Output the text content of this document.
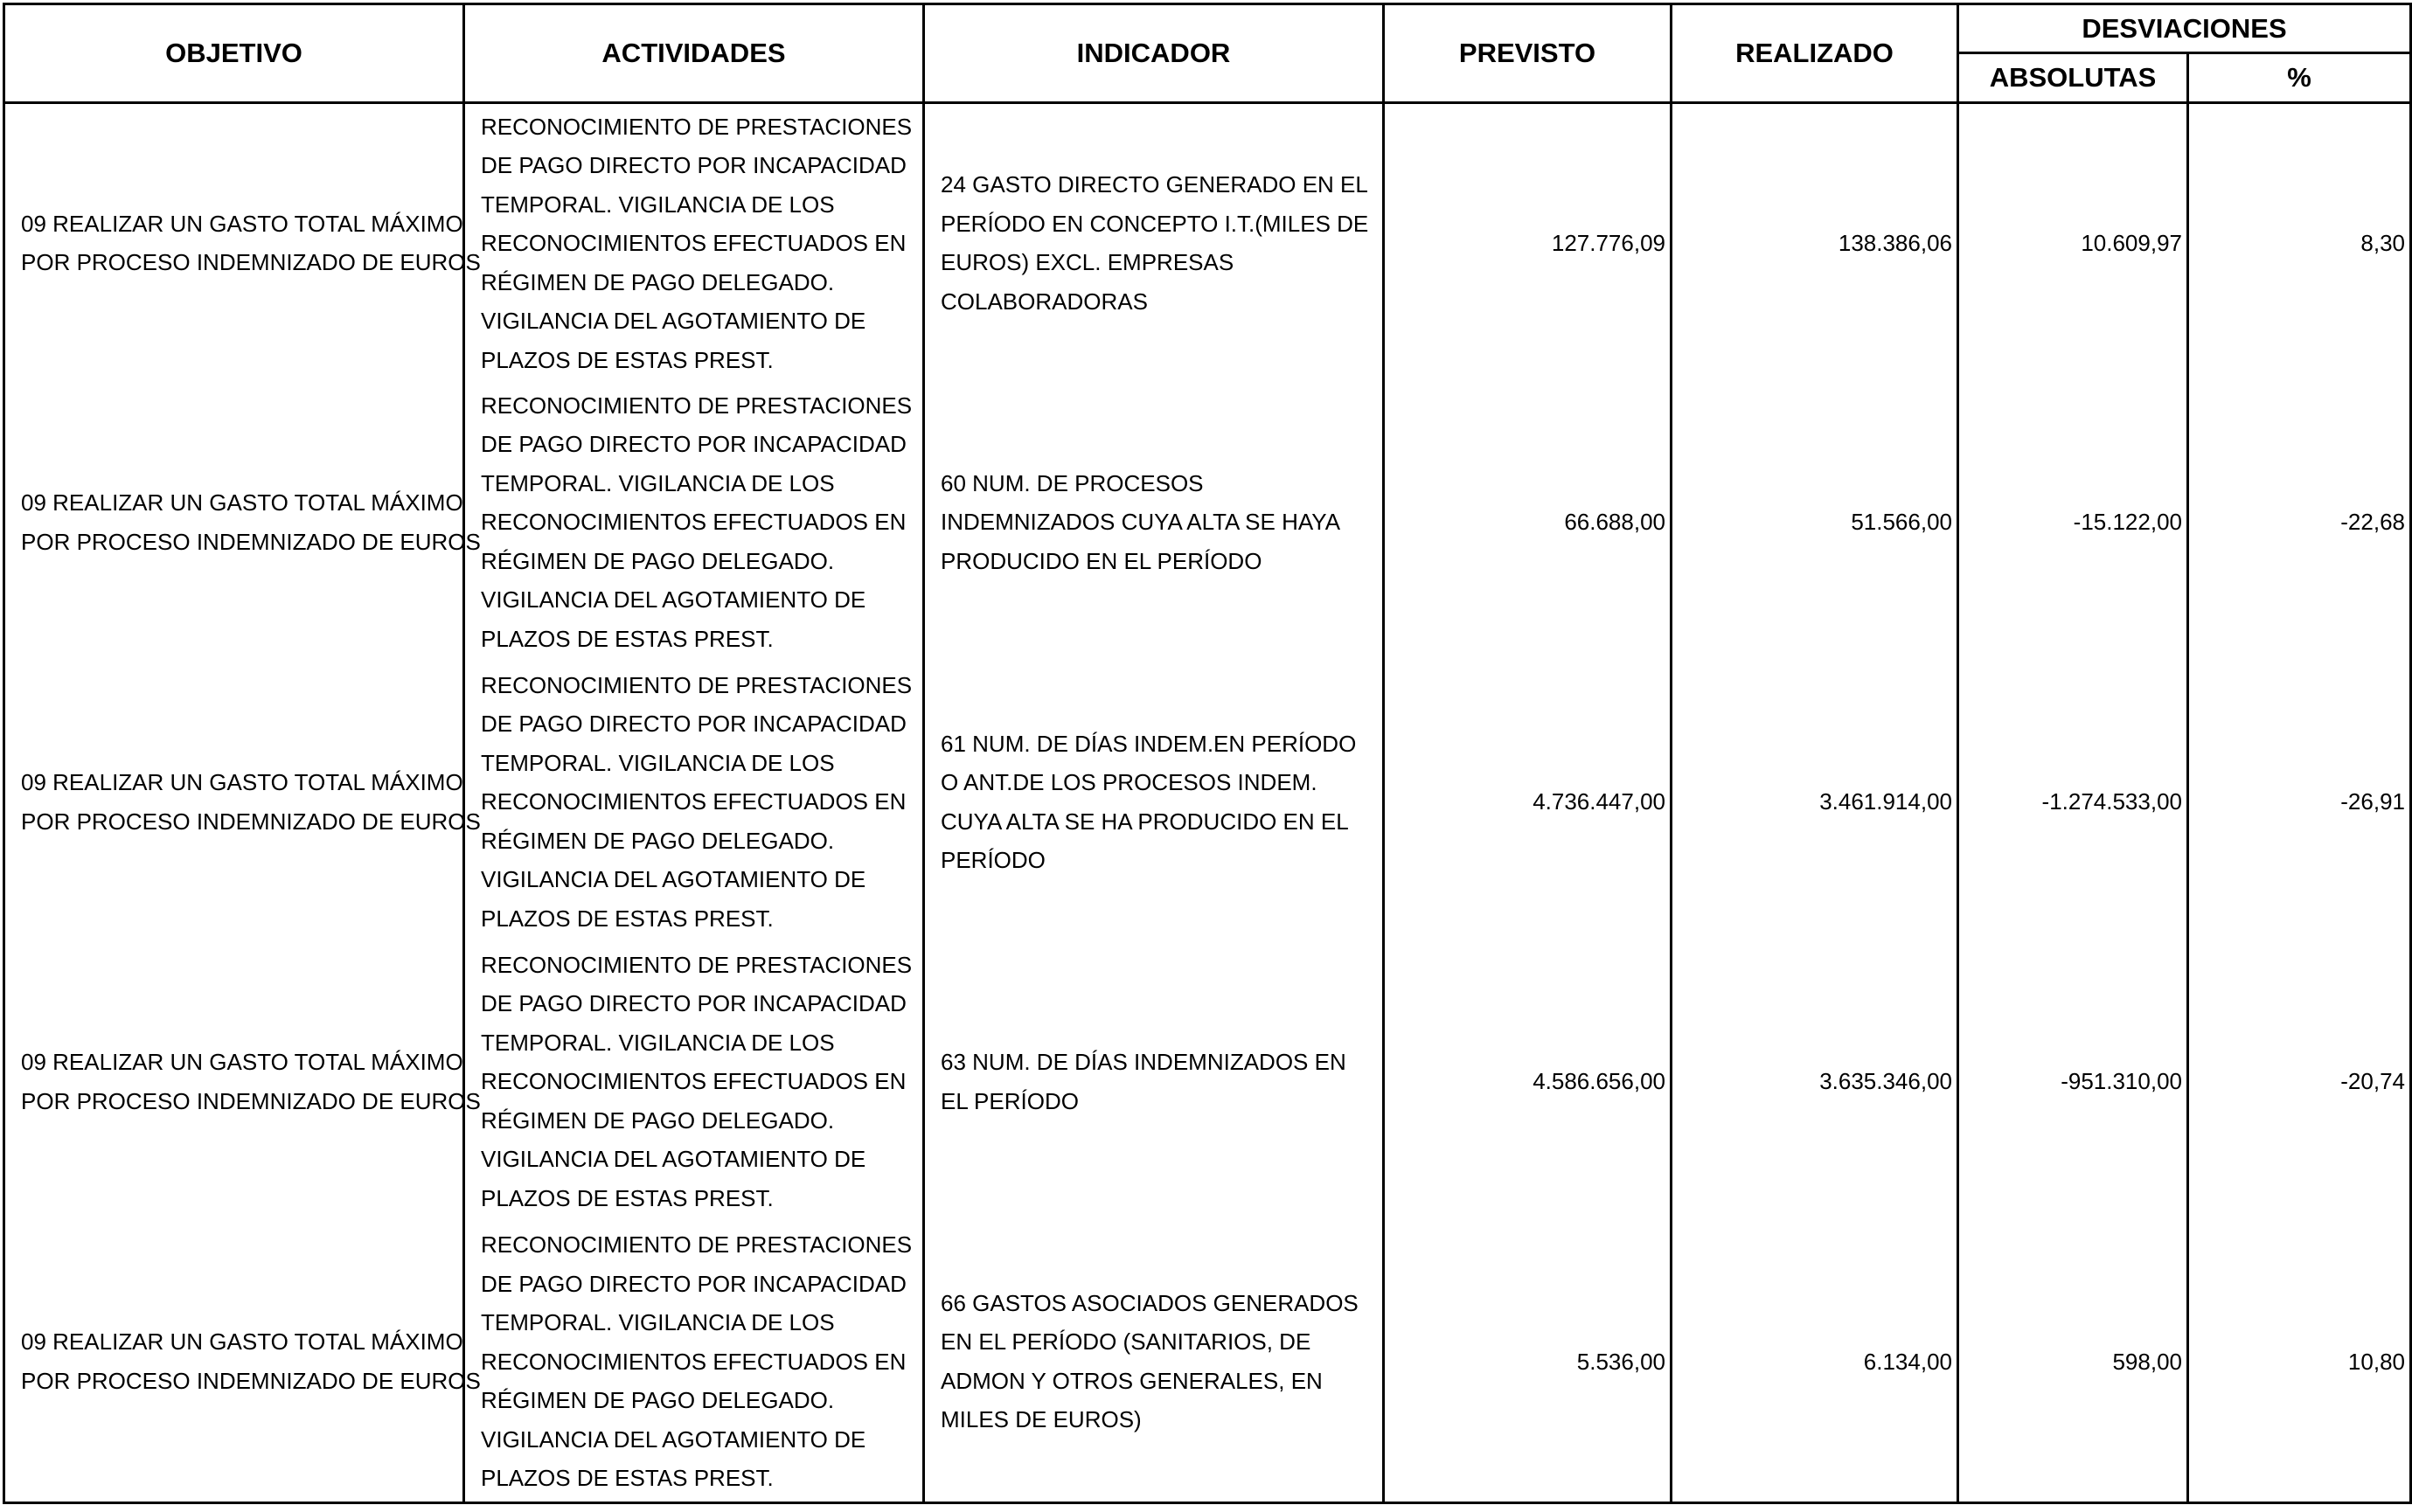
OBJETIVO	ACTIVIDADES	INDICADOR	PREVISTO	REALIZADO	DESVIACIONES	
					ABSOLUTAS	%

09 REALIZAR UN GASTO TOTAL MÁXIMO
POR PROCESO INDEMNIZADO DE EUROS	RECONOCIMIENTO DE PRESTACIONES DE PAGO DIRECTO POR INCAPACIDAD TEMPORAL. VIGILANCIA DE LOS RECONOCIMIENTOS EFECTUADOS EN RÉGIMEN DE PAGO DELEGADO. VIGILANCIA DEL AGOTAMIENTO DE PLAZOS DE ESTAS PREST.	24 GASTO DIRECTO GENERADO EN EL PERÍODO EN CONCEPTO I.T.(MILES DE EUROS) EXCL. EMPRESAS COLABORADORAS	127.776,09	138.386,06	10.609,97	8,30

09 REALIZAR UN GASTO TOTAL MÁXIMO
POR PROCESO INDEMNIZADO DE EUROS	RECONOCIMIENTO DE PRESTACIONES DE PAGO DIRECTO POR INCAPACIDAD TEMPORAL. VIGILANCIA DE LOS RECONOCIMIENTOS EFECTUADOS EN RÉGIMEN DE PAGO DELEGADO. VIGILANCIA DEL AGOTAMIENTO DE PLAZOS DE ESTAS PREST.	60 NUM. DE PROCESOS INDEMNIZADOS CUYA ALTA SE HAYA PRODUCIDO EN EL PERÍODO	66.688,00	51.566,00	-15.122,00	-22,68

09 REALIZAR UN GASTO TOTAL MÁXIMO
POR PROCESO INDEMNIZADO DE EUROS	RECONOCIMIENTO DE PRESTACIONES DE PAGO DIRECTO POR INCAPACIDAD TEMPORAL. VIGILANCIA DE LOS RECONOCIMIENTOS EFECTUADOS EN RÉGIMEN DE PAGO DELEGADO. VIGILANCIA DEL AGOTAMIENTO DE PLAZOS DE ESTAS PREST.	61 NUM. DE DÍAS INDEM.EN PERÍODO O ANT.DE LOS PROCESOS INDEM. CUYA ALTA SE HA PRODUCIDO EN EL PERÍODO	4.736.447,00	3.461.914,00	-1.274.533,00	-26,91

09 REALIZAR UN GASTO TOTAL MÁXIMO
POR PROCESO INDEMNIZADO DE EUROS	RECONOCIMIENTO DE PRESTACIONES DE PAGO DIRECTO POR INCAPACIDAD TEMPORAL. VIGILANCIA DE LOS RECONOCIMIENTOS EFECTUADOS EN RÉGIMEN DE PAGO DELEGADO. VIGILANCIA DEL AGOTAMIENTO DE PLAZOS DE ESTAS PREST.	63 NUM. DE DÍAS INDEMNIZADOS EN EL PERÍODO	4.586.656,00	3.635.346,00	-951.310,00	-20,74

09 REALIZAR UN GASTO TOTAL MÁXIMO
POR PROCESO INDEMNIZADO DE EUROS	RECONOCIMIENTO DE PRESTACIONES DE PAGO DIRECTO POR INCAPACIDAD TEMPORAL. VIGILANCIA DE LOS RECONOCIMIENTOS EFECTUADOS EN RÉGIMEN DE PAGO DELEGADO. VIGILANCIA DEL AGOTAMIENTO DE PLAZOS DE ESTAS PREST.	66 GASTOS ASOCIADOS GENERADOS EN EL PERÍODO (SANITARIOS, DE ADMON Y OTROS GENERALES, EN MILES DE EUROS)	5.536,00	6.134,00	598,00	10,80
